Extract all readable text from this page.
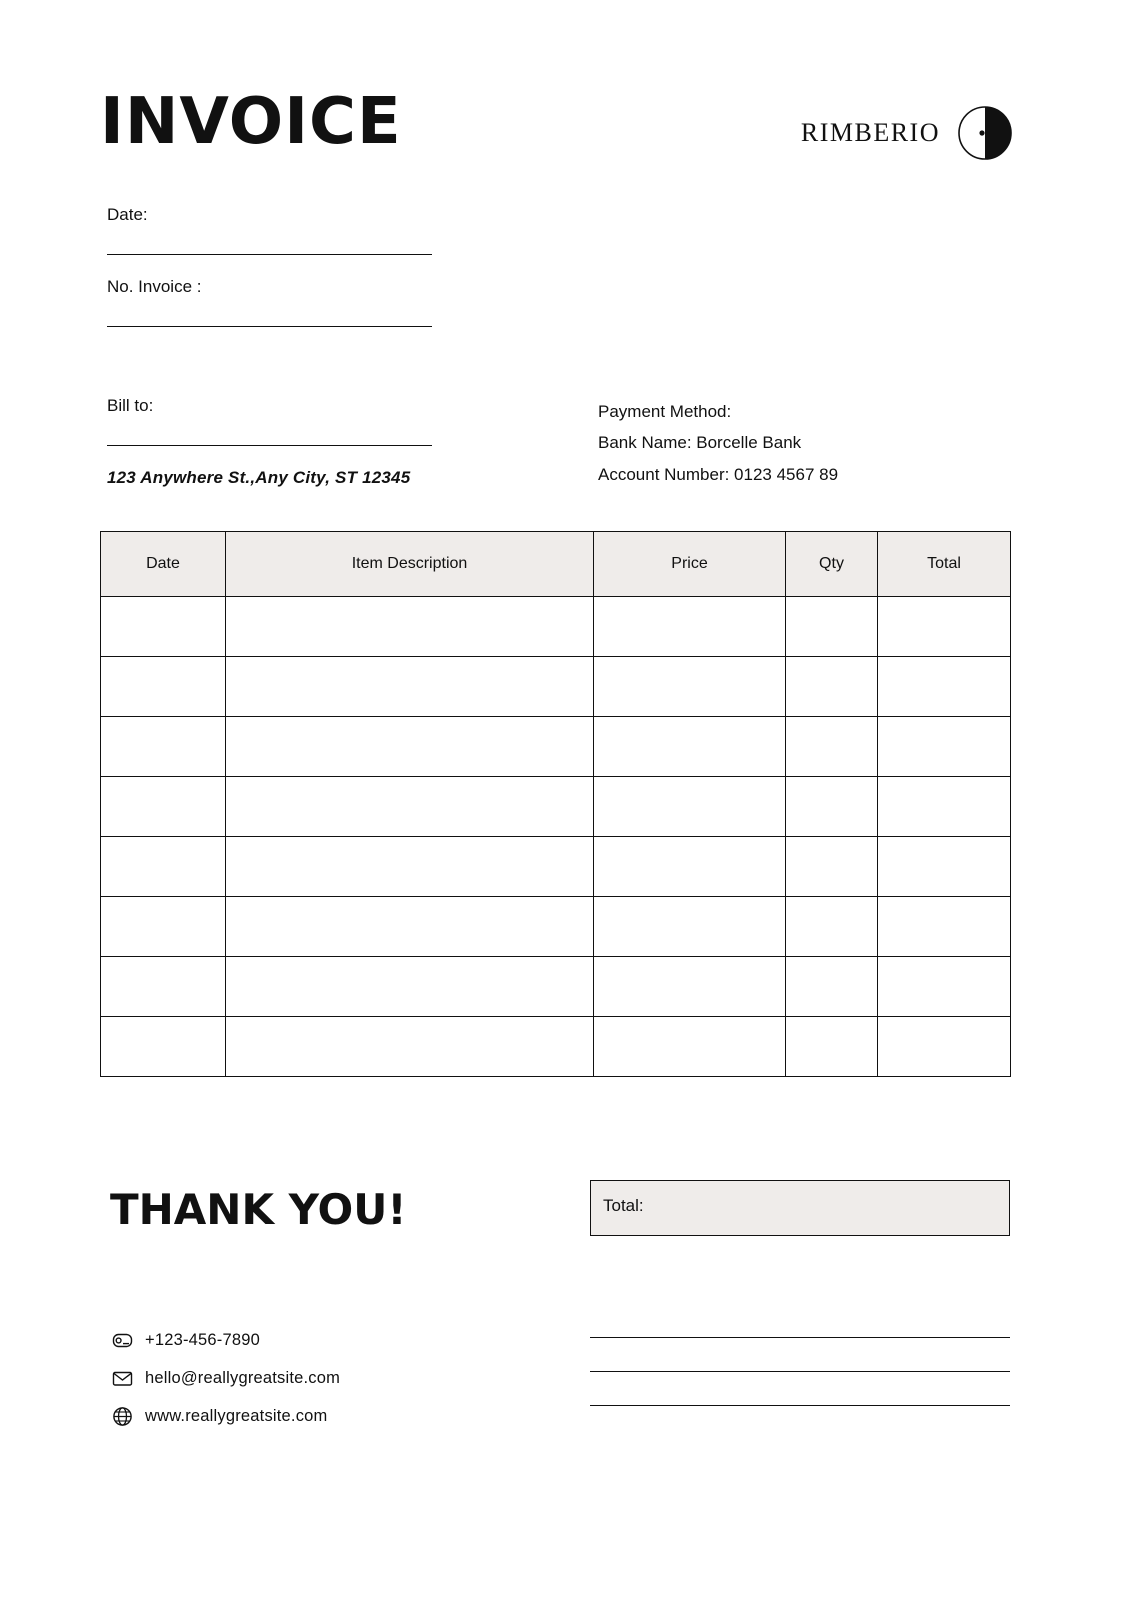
INVOICE	RIMBERIO
Date:
No. Invoice :
Bill to:
123 Anywhere St.,Any City, ST 12345
Payment Method:
Bank Name: Borcelle Bank
Account Number: 0123 4567 89
Date	Item Description	Price	Qty	Total

THANK YOU!	Total:
+123-456-7890
hello@reallygreatsite.com
www.reallygreatsite.com
